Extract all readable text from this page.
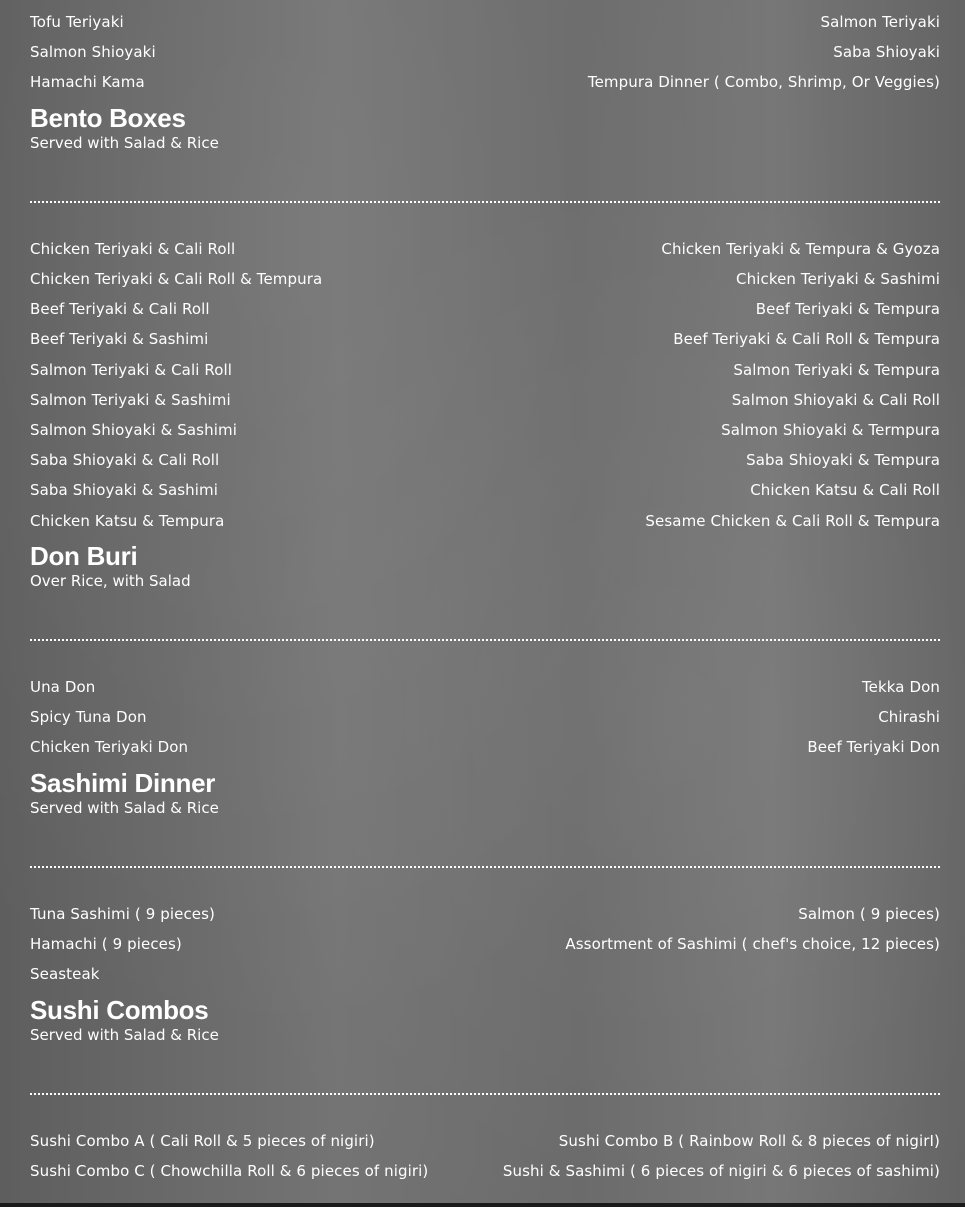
Tofu Teriyaki	Salmon Teriyaki
Salmon Shioyaki	Saba Shioyaki
Hamachi Kama	Tempura Dinner ( Combo, Shrimp, Or Veggies)
Bento Boxes
Served with Salad & Rice
Chicken Teriyaki & Cali Roll	Chicken Teriyaki & Tempura & Gyoza
Chicken Teriyaki & Cali Roll & Tempura	Chicken Teriyaki & Sashimi
Beef Teriyaki & Cali Roll	Beef Teriyaki & Tempura
Beef Teriyaki & Sashimi	Beef Teriyaki & Cali Roll & Tempura
Salmon Teriyaki & Cali Roll	Salmon Teriyaki & Tempura
Salmon Teriyaki & Sashimi	Salmon Shioyaki & Cali Roll
Salmon Shioyaki & Sashimi	Salmon Shioyaki & Termpura
Saba Shioyaki & Cali Roll	Saba Shioyaki & Tempura
Saba Shioyaki & Sashimi	Chicken Katsu & Cali Roll
Chicken Katsu & Tempura	Sesame Chicken & Cali Roll & Tempura
Don Buri
Over Rice, with Salad
Una Don	Tekka Don
Spicy Tuna Don	Chirashi
Chicken Teriyaki Don	Beef Teriyaki Don
Sashimi Dinner
Served with Salad & Rice
Tuna Sashimi ( 9 pieces)	Salmon ( 9 pieces)
Hamachi ( 9 pieces)	Assortment of Sashimi ( chef's choice, 12 pieces)
Seasteak
Sushi Combos
Served with Salad & Rice
Sushi Combo A ( Cali Roll & 5 pieces of nigiri)	Sushi Combo B ( Rainbow Roll & 8 pieces of nigirI)
Sushi Combo C ( Chowchilla Roll & 6 pieces of nigiri)	Sushi & Sashimi ( 6 pieces of nigiri & 6 pieces of sashimi)
